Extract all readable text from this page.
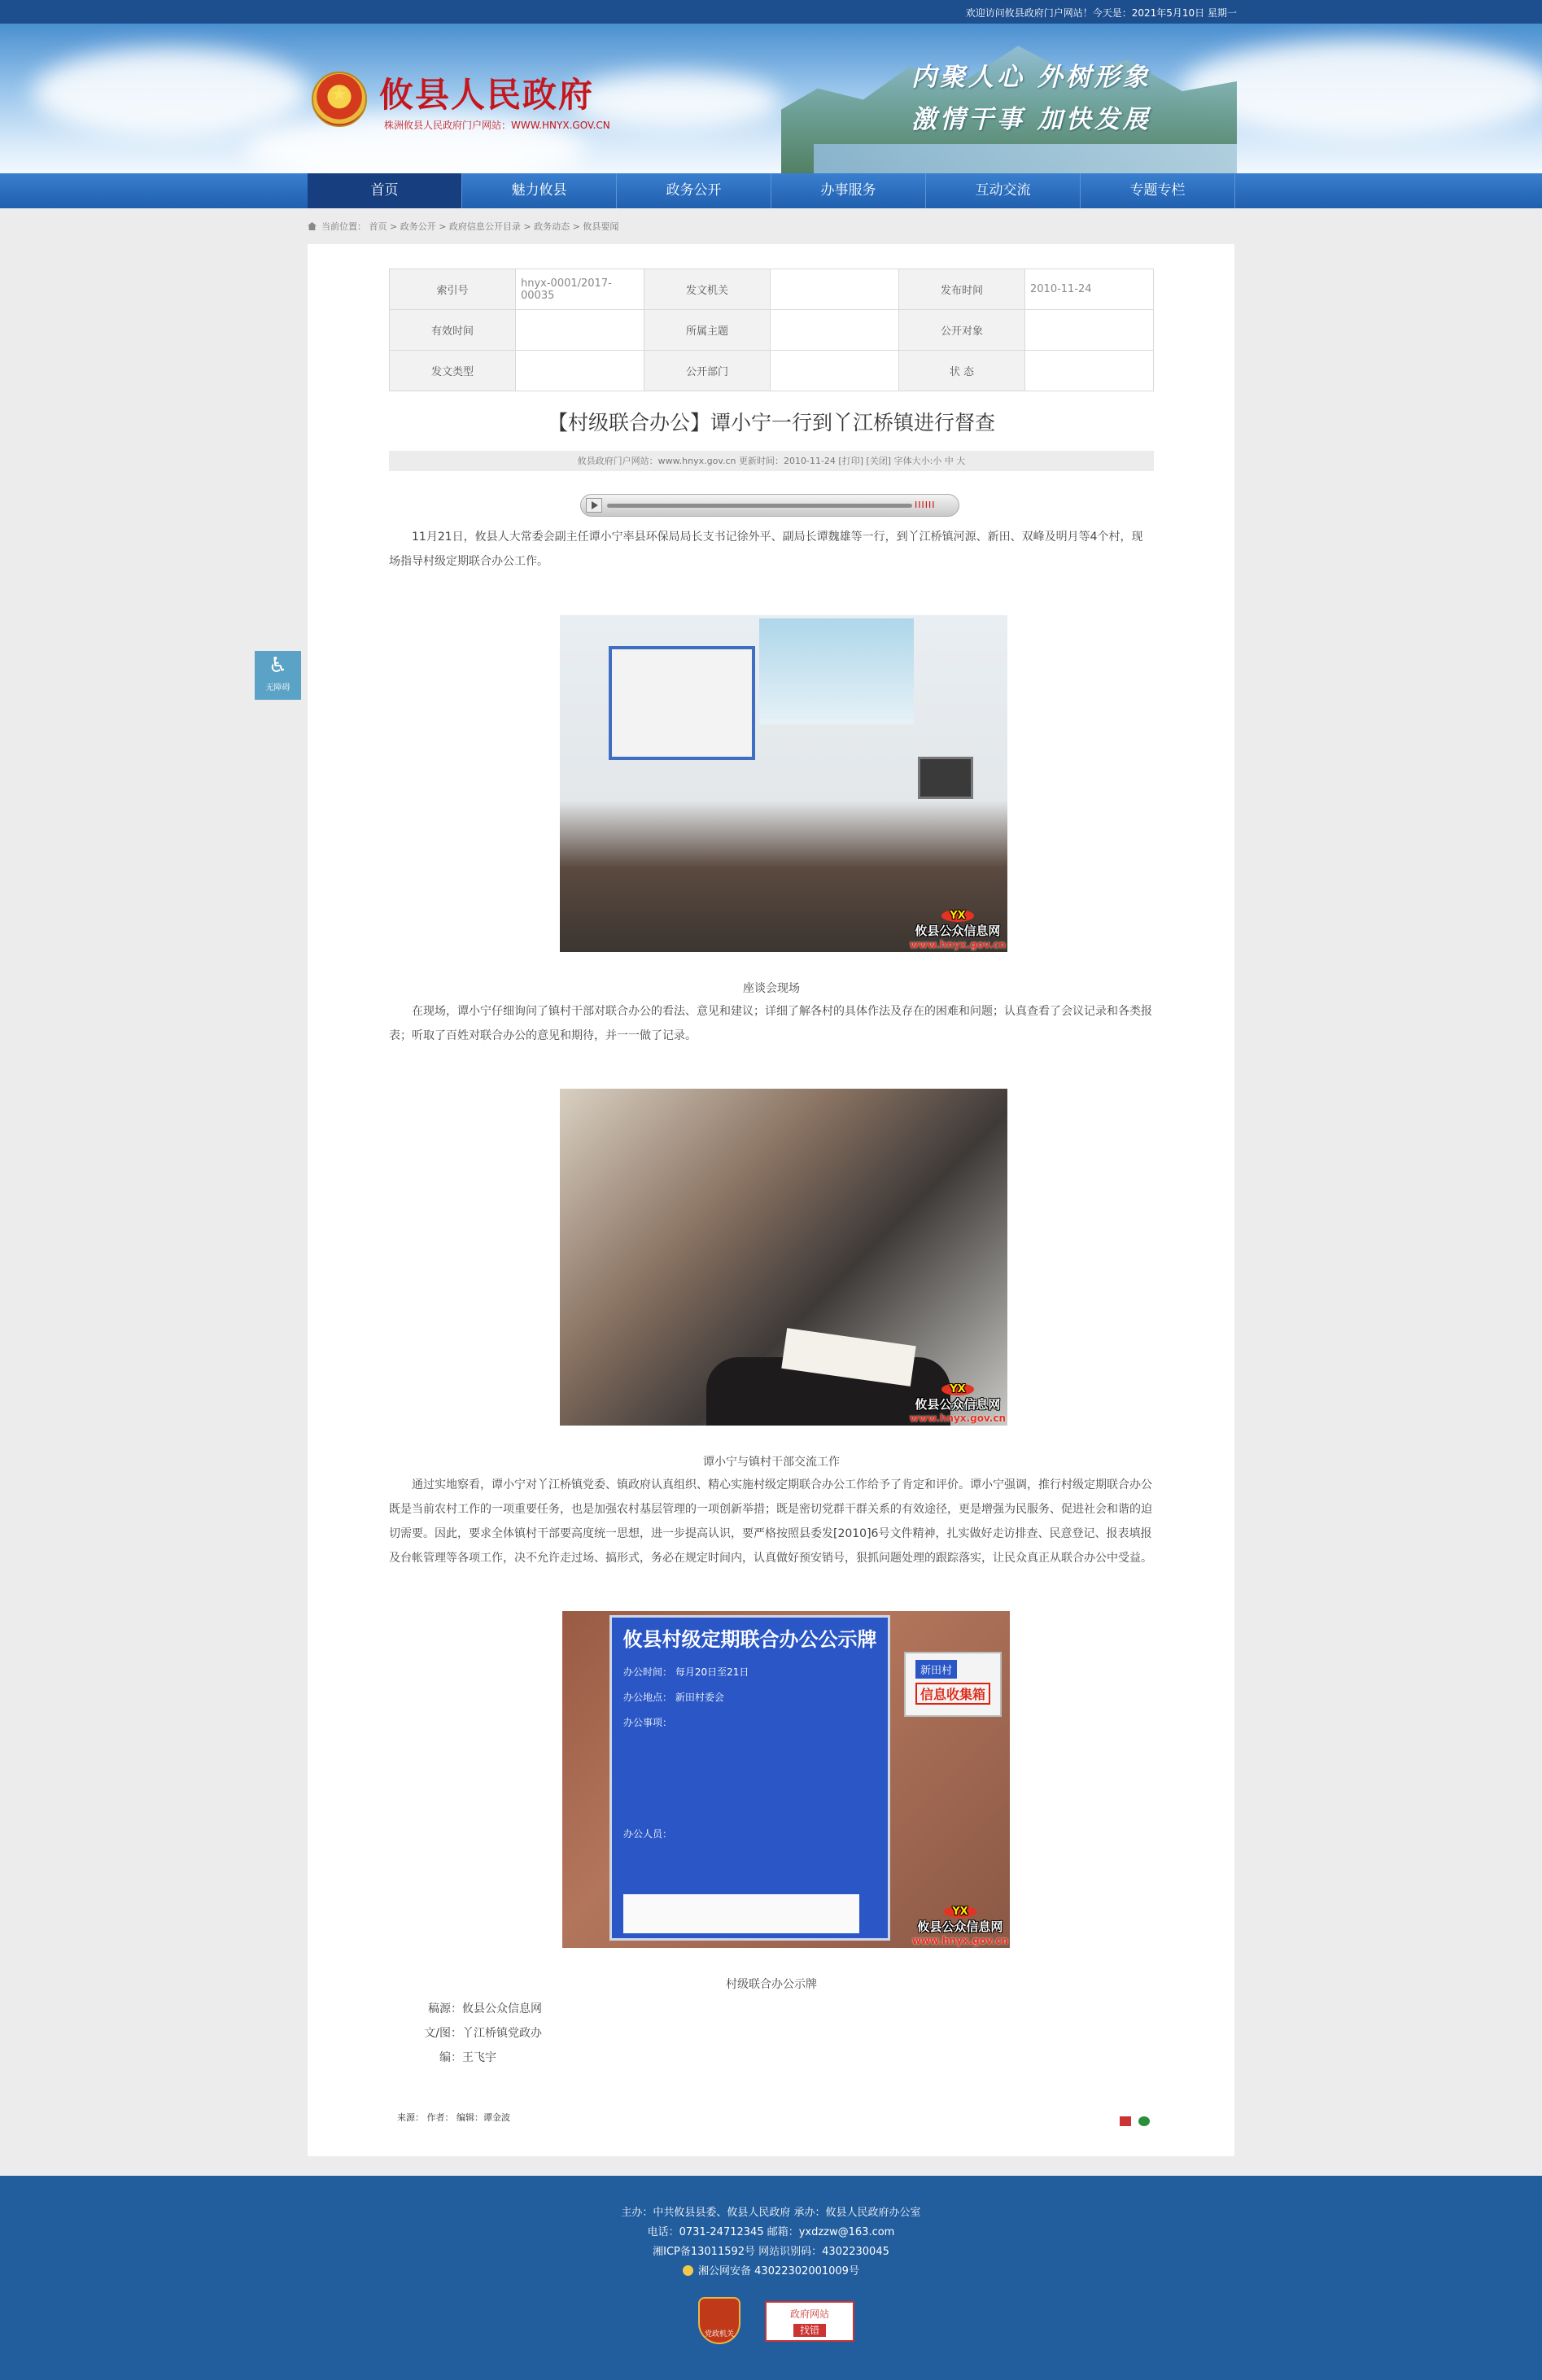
欢迎访问攸县政府门户网站！今天是：2021年5月10日 星期一
内聚人心 外树形象
激情干事 加快发展
★ 攸县人民政府
株洲攸县人民政府门户网站：WWW.HNYX.GOV.CN
首页	魅力攸县	政务公开	办事服务	互动交流	专题专栏
当前位置： 首页 > 政务公开 > 政府信息公开目录 > 政务动态 > 攸县要闻
♿
无障碍
索引号	hnyx-0001/2017-00035	发文机关		发布时间	2010-11-24
有效时间		所属主题		公开对象	
发文类型		公开部门		状 态	
【村级联合办公】谭小宁一行到丫江桥镇进行督查
攸县政府门户网站：www.hnyx.gov.cn 更新时间：2010-11-24 [打印] [关闭] 字体大小:小 中 大
IIIIII
11月21日，攸县人大常委会副主任谭小宁率县环保局局长支书记徐外平、副局长谭魏雄等一行，到丫江桥镇河源、新田、双峰及明月等4个村，现场指导村级定期联合办公工作。
YX
攸县公众信息网
www.hnyx.gov.cn
座谈会现场
在现场，谭小宁仔细询问了镇村干部对联合办公的看法、意见和建议；详细了解各村的具体作法及存在的困难和问题；认真查看了会议记录和各类报表；听取了百姓对联合办公的意见和期待，并一一做了记录。
YX
攸县公众信息网
www.hnyx.gov.cn
谭小宁与镇村干部交流工作
通过实地察看，谭小宁对丫江桥镇党委、镇政府认真组织、精心实施村级定期联合办公工作给予了肯定和评价。谭小宁强调，推行村级定期联合办公既是当前农村工作的一项重要任务，也是加强农村基层管理的一项创新举措；既是密切党群干群关系的有效途径，更是增强为民服务、促进社会和谐的迫切需要。因此，要求全体镇村干部要高度统一思想，进一步提高认识，要严格按照县委发[2010]6号文件精神，扎实做好走访排查、民意登记、报表填报及台帐管理等各项工作，决不允许走过场、搞形式，务必在规定时间内，认真做好预安销号，狠抓问题处理的跟踪落实，让民众真正从联合办公中受益。
攸县村级定期联合办公公示牌
办公时间： 每月20日至21日
办公地点： 新田村委会
办公事项：
办公人员：
新田村
信息收集箱
YX
攸县公众信息网
www.hnyx.gov.cn
村级联合办公示牌
稿源：攸县公众信息网
文/图：丫江桥镇党政办
编：王飞宇
来源： 作者： 编辑：谭金波

主办：中共攸县县委、攸县人民政府 承办：攸县人民政府办公室
电话：0731-24712345 邮箱：yxdzzw@163.com
湘ICP备13011592号 网站识别码：4302230045
湘公网安备 43022302001009号
党政机关
政府网站
找错
